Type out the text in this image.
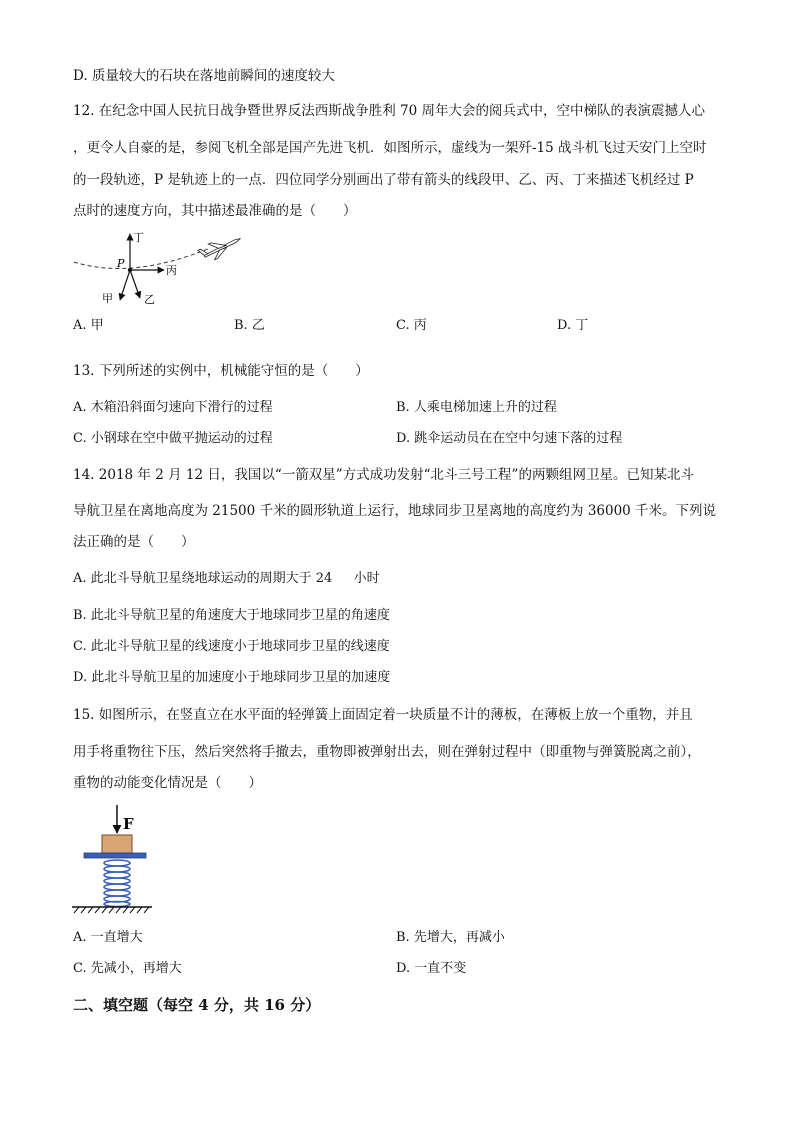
D. 质量较大的石块在落地前瞬间的速度较大
12. 在纪念中国人民抗日战争暨世界反法西斯战争胜利 70 周年大会的阅兵式中，空中梯队的表演震撼人心
，更令人自豪的是，参阅飞机全部是国产先进飞机．如图所示，虚线为一架歼-15 战斗机飞过天安门上空时
的一段轨迹，P 是轨迹上的一点．四位同学分别画出了带有箭头的线段甲、乙、丙、丁来描述飞机经过 P
点时的速度方向，其中描述最准确的是（　　）
P
丁
丙
甲	乙
A. 甲	B. 乙	C. 丙	D. 丁
13. 下列所述的实例中，机械能守恒的是（　　）
A. 木箱沿斜面匀速向下滑行的过程	B. 人乘电梯加速上升的过程
C. 小钢球在空中做平抛运动的过程	D. 跳伞运动员在在空中匀速下落的过程
14. 2018 年 2 月 12 日，我国以“一箭双星”方式成功发射“北斗三号工程”的两颗组网卫星。已知某北斗
导航卫星在离地高度为 21500 千米的圆形轨道上运行，地球同步卫星离地的高度约为 36000 千米。下列说
法正确的是（　　）
A. 此北斗导航卫星绕地球运动的周期大于 24 　 小时
B. 此北斗导航卫星的角速度大于地球同步卫星的角速度
C. 此北斗导航卫星的线速度小于地球同步卫星的线速度
D. 此北斗导航卫星的加速度小于地球同步卫星的加速度
15. 如图所示，在竖直立在水平面的轻弹簧上面固定着一块质量不计的薄板，在薄板上放一个重物，并且
用手将重物往下压，然后突然将手撤去，重物即被弹射出去，则在弹射过程中（即重物与弹簧脱离之前），
重物的动能变化情况是（　　）
F
A. 一直增大	B. 先增大，再减小
C. 先减小，再增大	D. 一直不变
二、填空题（每空 4 分，共 16 分）
